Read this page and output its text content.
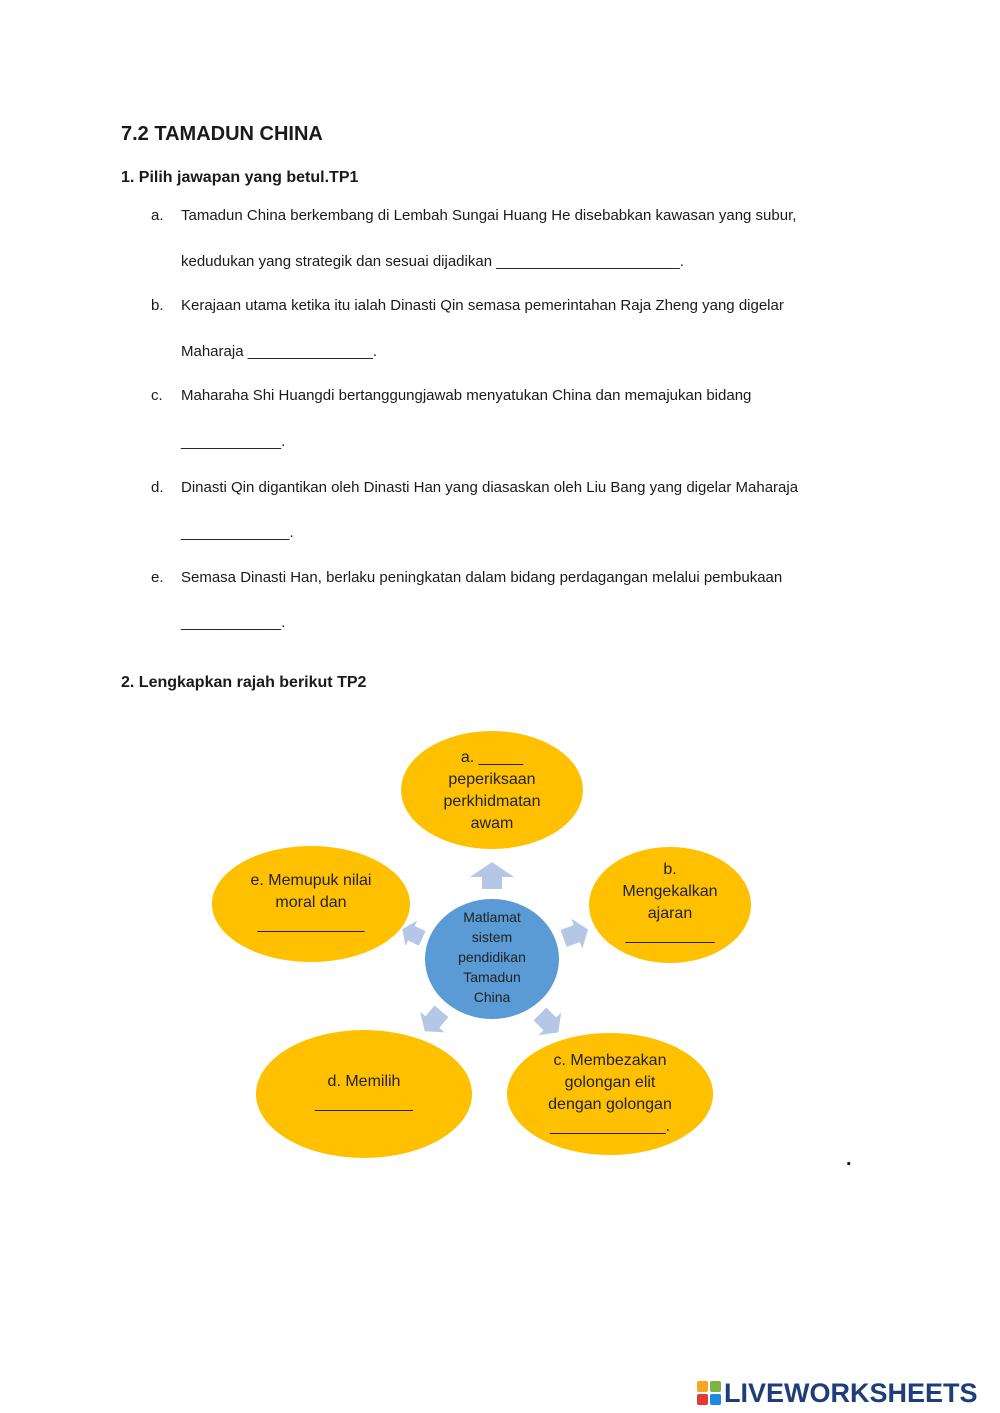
7.2 TAMADUN CHINA
1. Pilih jawapan yang betul.TP1
a. Tamadun China berkembang di Lembah Sungai Huang He disebabkan kawasan yang subur,
kedudukan yang strategik dan sesuai dijadikan ______________________.
b. Kerajaan utama ketika itu ialah Dinasti Qin semasa pemerintahan Raja Zheng yang digelar
Maharaja _______________.
c. Maharaha Shi Huangdi bertanggungjawab menyatukan China dan memajukan bidang
____________.
d. Dinasti Qin digantikan oleh Dinasti Han yang diasaskan oleh Liu Bang yang digelar Maharaja
_____________.
e. Semasa Dinasti Han, berlaku peningkatan dalam bidang perdagangan melalui pembukaan
____________.
2. Lengkapkan rajah berikut TP2
a. _____
peperiksaan
perkhidmatan
awam
b.
Mengekalkan
ajaran
__________
c. Membezakan
golongan elit
dengan golongan
_____________.
d. Memilih
___________
e. Memupuk nilai
moral dan
____________	Matlamat
sistem
pendidikan
Tamadun
China
.
LIVEWORKSHEETS
